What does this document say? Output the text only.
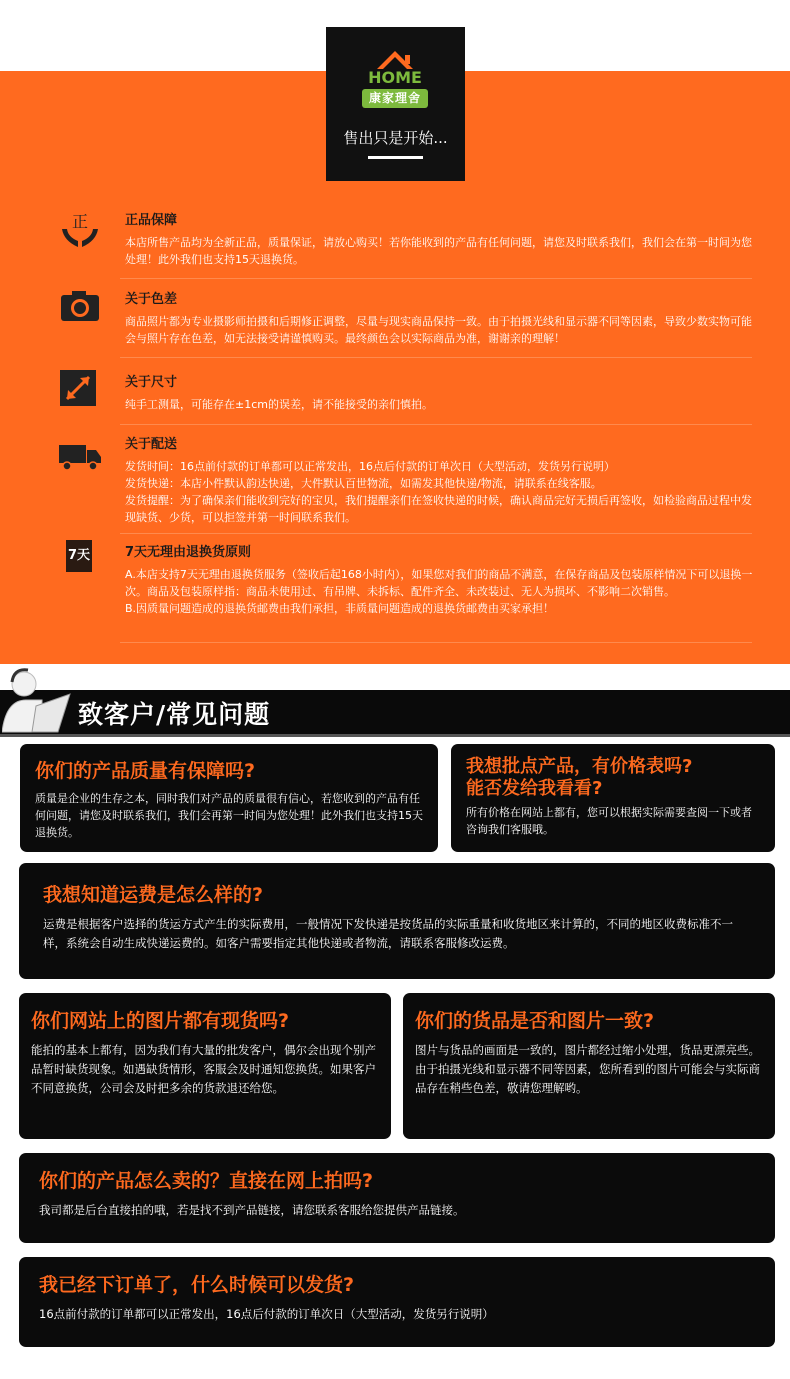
HOME
康家理舍
售出只是开始...
正	正品保障
本店所售产品均为全新正品，质量保证，请放心购买！若你能收到的产品有任何问题，请您及时联系我们，我们会在第一时间为您处理！此外我们也支持15天退换货。
关于色差
商品照片都为专业摄影师拍摄和后期修正调整，尽量与现实商品保持一致。由于拍摄光线和显示器不同等因素，导致少数实物可能会与照片存在色差，如无法接受请谨慎购买。最终颜色会以实际商品为准，谢谢亲的理解！
关于尺寸
纯手工测量，可能存在±1cm的误差，请不能接受的亲们慎拍。
关于配送
发货时间：16点前付款的订单都可以正常发出，16点后付款的订单次日（大型活动，发货另行说明）
发货快递：本店小件默认韵达快递，大件默认百世物流，如需发其他快递/物流，请联系在线客服。
发货提醒：为了确保亲们能收到完好的宝贝，我们提醒亲们在签收快递的时候，确认商品完好无损后再签收，如检验商品过程中发现缺货、少货，可以拒签并第一时间联系我们。
7天	7天无理由退换货原则
A.本店支持7天无理由退换货服务（签收后起168小时内），如果您对我们的商品不满意，在保存商品及包装原样情况下可以退换一次。商品及包装原样指：商品未使用过、有吊牌、未拆标、配件齐全、未改装过、无人为损坏、不影响二次销售。
B.因质量问题造成的退换货邮费由我们承担，非质量问题造成的退换货邮费由买家承担！
致客户/常见问题
你们的产品质量有保障吗?
质量是企业的生存之本，同时我们对产品的质量很有信心，若您收到的产品有任何问题，请您及时联系我们，我们会再第一时间为您处理！此外我们也支持15天退换货。
我想批点产品，有价格表吗?
能否发给我看看?
所有价格在网站上都有，您可以根据实际需要查阅一下或者咨询我们客服哦。
我想知道运费是怎么样的?
运费是根据客户选择的货运方式产生的实际费用，一般情况下发快递是按货品的实际重量和收货地区来计算的，不同的地区收费标准不一样，系统会自动生成快递运费的。如客户需要指定其他快递或者物流，请联系客服修改运费。
你们网站上的图片都有现货吗?
能拍的基本上都有，因为我们有大量的批发客户，偶尔会出现个别产品暂时缺货现象。如遇缺货情形，客服会及时通知您换货。如果客户不同意换货，公司会及时把多余的货款退还给您。
你们的货品是否和图片一致?
图片与货品的画面是一致的，图片都经过缩小处理，货品更漂亮些。由于拍摄光线和显示器不同等因素，您所看到的图片可能会与实际商品存在稍些色差，敬请您理解哟。
你们的产品怎么卖的？直接在网上拍吗?
我司都是后台直接拍的哦，若是找不到产品链接，请您联系客服给您提供产品链接。
我已经下订单了，什么时候可以发货?
16点前付款的订单都可以正常发出，16点后付款的订单次日（大型活动，发货另行说明）
